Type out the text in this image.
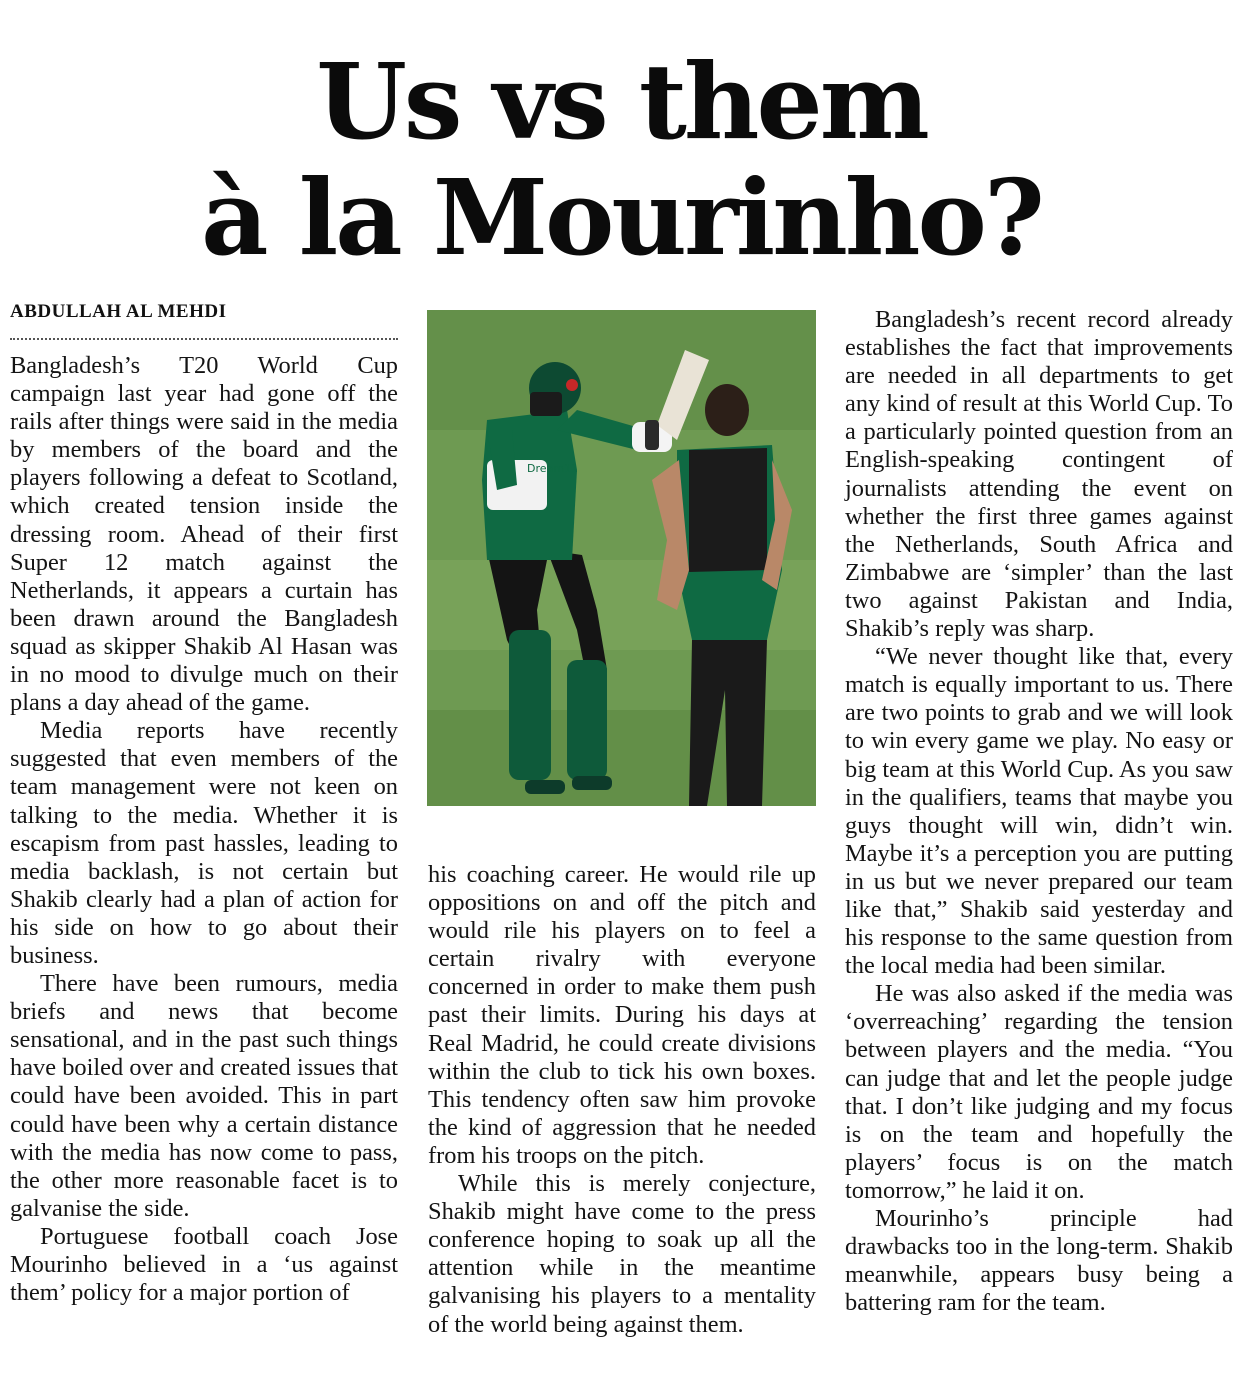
Us vs them
à la Mourinho?
ABDULLAH AL MEHDI

Bangladesh’s T20 World Cup campaign last year had gone off the rails after things were said in the media by members of the board and the players following a defeat to Scotland, which created tension inside the dressing room. Ahead of their first Super 12 match against the Netherlands, it appears a curtain has been drawn around the Bangladesh squad as skipper Shakib Al Hasan was in no mood to divulge much on their plans a day ahead of the game.

Media reports have recently suggested that even members of the team management were not keen on talking to the media. Whether it is escapism from past hassles, leading to media backlash, is not certain but Shakib clearly had a plan of action for his side on how to go about their business.

There have been rumours, media briefs and news that become sensational, and in the past such things have boiled over and created issues that could have been avoided. This in part could have been why a certain distance with the media has now come to pass, the other more reasonable facet is to galvanise the side.

Portuguese football coach Jose Mourinho believed in a ‘us against them’ policy for a major portion of

Dream11

his coaching career. He would rile up oppositions on and off the pitch and would rile his players on to feel a certain rivalry with everyone concerned in order to make them push past their limits. During his days at Real Madrid, he could create divisions within the club to tick his own boxes. This tendency often saw him provoke the kind of aggression that he needed from his troops on the pitch.

While this is merely conjecture, Shakib might have come to the press conference hoping to soak up all the attention while in the meantime galvanising his players to a mentality of the world being against them.

Bangladesh’s recent record already establishes the fact that improvements are needed in all departments to get any kind of result at this World Cup. To a particularly pointed question from an English-speaking contingent of journalists attending the event on whether the first three games against the Netherlands, South Africa and Zimbabwe are ‘simpler’ than the last two against Pakistan and India, Shakib’s reply was sharp.

“We never thought like that, every match is equally important to us. There are two points to grab and we will look to win every game we play. No easy or big team at this World Cup. As you saw in the qualifiers, teams that maybe you guys thought will win, didn’t win. Maybe it’s a perception you are putting in us but we never prepared our team like that,” Shakib said yesterday and his response to the same question from the local media had been similar.

He was also asked if the media was ‘overreaching’ regarding the tension between players and the media. “You can judge that and let the people judge that. I don’t like judging and my focus is on the team and hopefully the players’ focus is on the match tomorrow,” he laid it on.

Mourinho’s principle had drawbacks too in the long-term. Shakib meanwhile, appears busy being a battering ram for the team.
